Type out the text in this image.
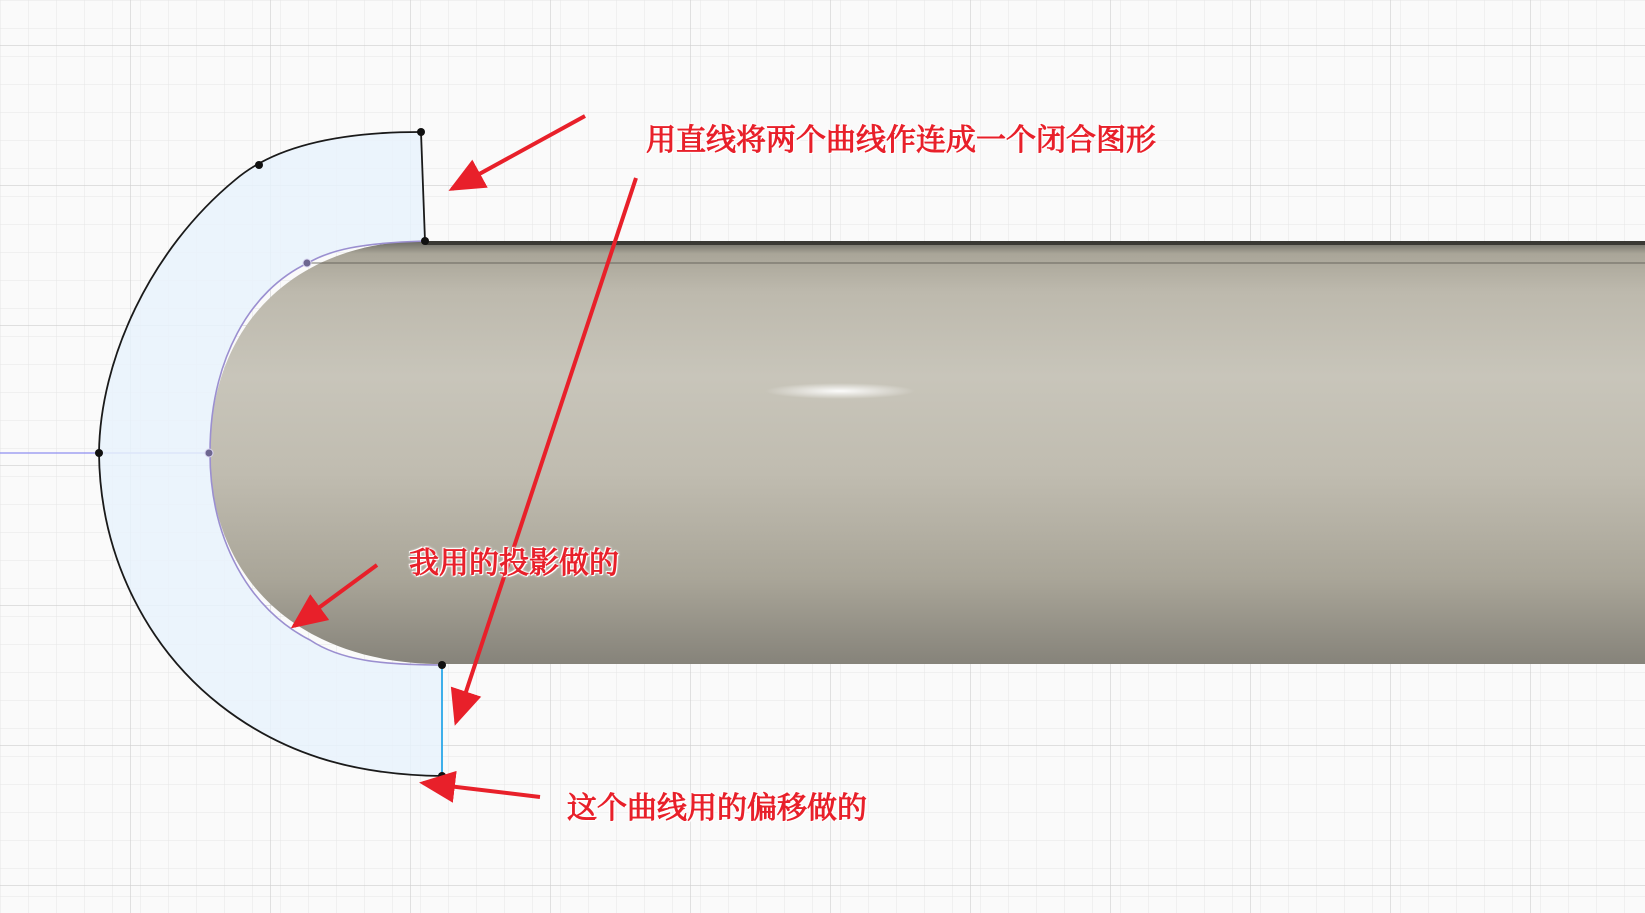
用直线将两个曲线作连成一个闭合图形
我用的投影做的
这个曲线用的偏移做的
